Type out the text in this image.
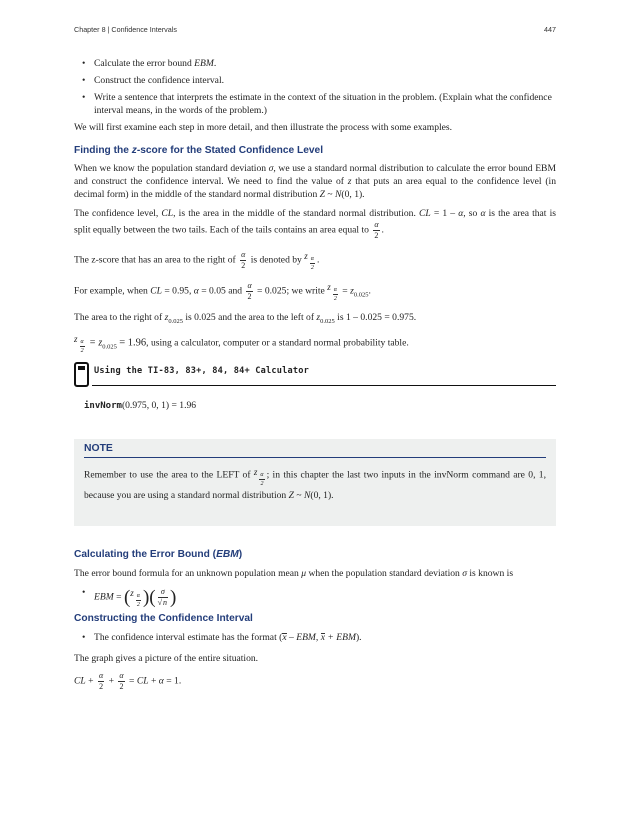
Chapter 8 | Confidence Intervals	447
• Calculate the error bound EBM.
• Construct the confidence interval.
• Write a sentence that interprets the estimate in the context of the situation in the problem. (Explain what the confidence interval means, in the words of the problem.)

We will first examine each step in more detail, and then illustrate the process with some examples.

Finding the z-score for the Stated Confidence Level

When we know the population standard deviation σ, we use a standard normal distribution to calculate the error bound EBM and construct the confidence interval. We need to find the value of z that puts an area equal to the confidence level (in decimal form) in the middle of the standard normal distribution Z ~ N(0, 1).

The confidence level, CL, is the area in the middle of the standard normal distribution. CL = 1 – α, so α is the area that is split equally between the two tails. Each of the tails contains an area equal to $\frac{\alpha}{2}$ .

The z-score that has an area to the right of $\frac{\alpha}{2}$ is denoted by z
$\frac{\alpha}{2}$ .

For example, when CL = 0.95, α = 0.05 and $\frac{\alpha}{2} = 0.025$; we write z
$\frac{\alpha}{2} = z_{0.025}$.

The area to the right of $z_{0.025}$ is 0.025 and the area to the left of $z_{0.025}$ is 1 – 0.025 = 0.975.

z
$\frac{\alpha}{2} = z_{0.025} = 1.96$, using a calculator, computer or a standard normal probability table.

Using the TI-83, 83+, 84, 84+ Calculator

invNorm(0.975, 0, 1) = 1.96

NOTE

Remember to use the area to the LEFT of z
$\frac{\alpha}{2}$ ; in this chapter the last two inputs in the invNorm command are 0, 1, because you are using a standard normal distribution Z ~ N(0, 1).

Calculating the Error Bound (EBM)

The error bound formula for an unknown population mean μ when the population standard deviation σ is known is

• EBM = (z
$\frac{\alpha}{2}$ )( $\frac{\sigma}{√n}$ )
Constructing the Confidence Interval
• The confidence interval estimate has the format (x – EBM, x + EBM).

The graph gives a picture of the entire situation.

CL + $\frac{\alpha}{2} + \frac{\alpha}{2}$ = CL + α = 1.
